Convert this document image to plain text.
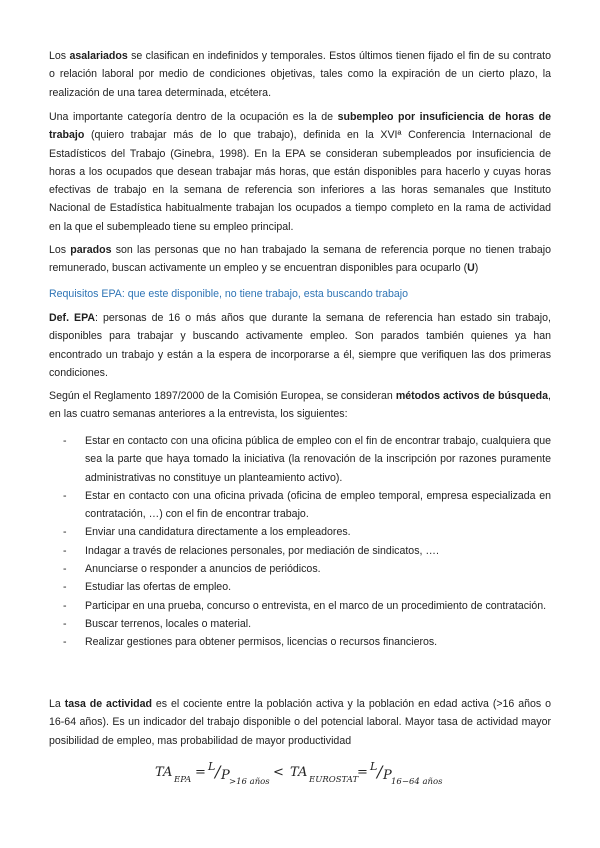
Los asalariados se clasifican en indefinidos y temporales. Estos últimos tienen fijado el fin de su contrato o relación laboral por medio de condiciones objetivas, tales como la expiración de un cierto plazo, la realización de una tarea determinada, etcétera.

Una importante categoría dentro de la ocupación es la de subempleo por insuficiencia de horas de trabajo (quiero trabajar más de lo que trabajo), definida en la XVIª Conferencia Internacional de Estadísticos del Trabajo (Ginebra, 1998). En la EPA se consideran subempleados por insuficiencia de horas a los ocupados que desean trabajar más horas, que están disponibles para hacerlo y cuyas horas efectivas de trabajo en la semana de referencia son inferiores a las horas semanales que Instituto Nacional de Estadística habitualmente trabajan los ocupados a tiempo completo en la rama de actividad en la que el subempleado tiene su empleo principal.

Los parados son las personas que no han trabajado la semana de referencia porque no tienen trabajo remunerado, buscan activamente un empleo y se encuentran disponibles para ocuparlo (U)

Requisitos EPA: que este disponible, no tiene trabajo, esta buscando trabajo

Def. EPA: personas de 16 o más años que durante la semana de referencia han estado sin trabajo, disponibles para trabajar y buscando activamente empleo. Son parados también quienes ya han encontrado un trabajo y están a la espera de incorporarse a él, siempre que verifiquen las dos primeras condiciones.

Según el Reglamento 1897/2000 de la Comisión Europea, se consideran métodos activos de búsqueda, en las cuatro semanas anteriores a la entrevista, los siguientes:

- Estar en contacto con una oficina pública de empleo con el fin de encontrar trabajo, cualquiera que sea la parte que haya tomado la iniciativa (la renovación de la inscripción por razones puramente administrativas no constituye un planteamiento activo).
- Estar en contacto con una oficina privada (oficina de empleo temporal, empresa especializada en contratación, …) con el fin de encontrar trabajo.
- Enviar una candidatura directamente a los empleadores.
- Indagar a través de relaciones personales, por mediación de sindicatos, ….
- Anunciarse o responder a anuncios de periódicos.
- Estudiar las ofertas de empleo.
- Participar en una prueba, concurso o entrevista, en el marco de un procedimiento de contratación.
- Buscar terrenos, locales o material.
- Realizar gestiones para obtener permisos, licencias o recursos financieros.

La tasa de actividad es el cociente entre la población activa y la población en edad activa (>16 años o 16-64 años). Es un indicador del trabajo disponible o del potencial laboral. Mayor tasa de actividad mayor posibilidad de empleo, mas probabilidad de mayor productividad

TA EPA = L / P >16 años
< TA EUROSTAT
= L / P 16−64 años
